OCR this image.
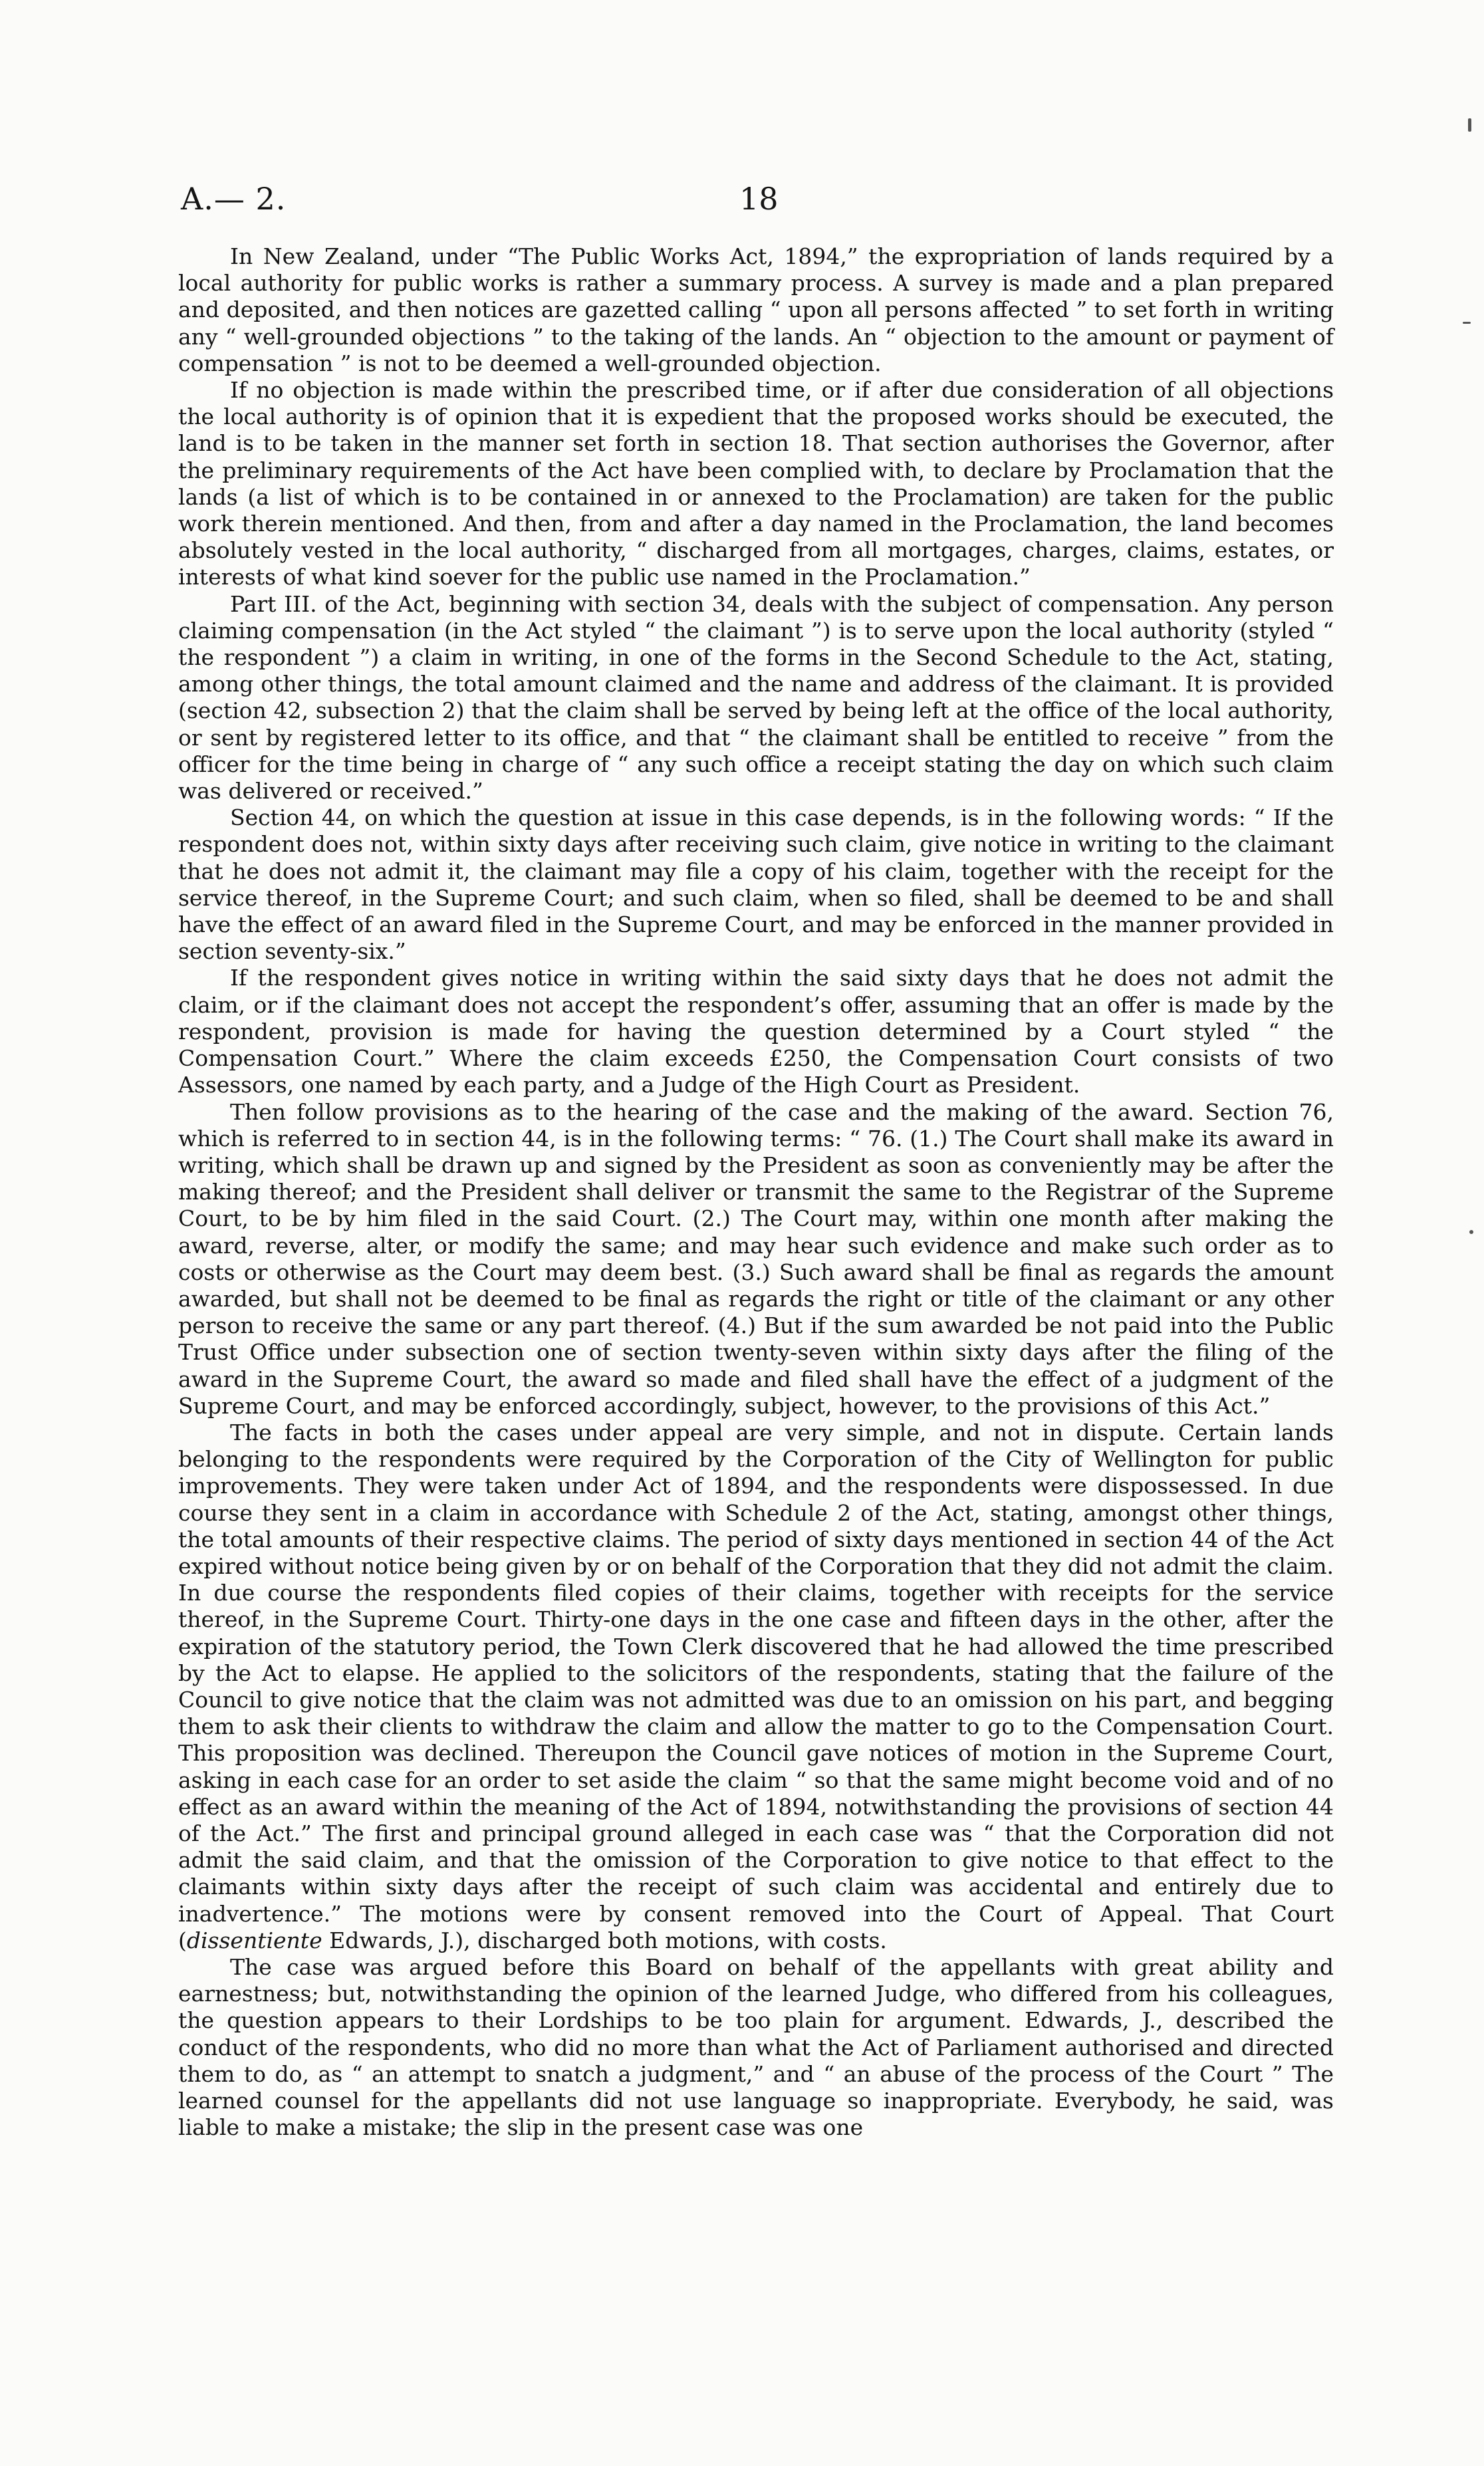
A.— 2.	18

In New Zealand, under “The Public Works Act, 1894,” the expropriation of lands required by a local authority for public works is rather a summary process. A survey is made and a plan prepared and deposited, and then notices are gazetted calling “ upon all persons affected ” to set forth in writing any “ well-grounded objections ” to the taking of the lands. An “ objection to the amount or payment of compensation ” is not to be deemed a well-grounded objection.

If no objection is made within the prescribed time, or if after due consideration of all objections the local authority is of opinion that it is expedient that the proposed works should be executed, the land is to be taken in the manner set forth in section 18. That section authorises the Governor, after the preliminary requirements of the Act have been complied with, to declare by Proclamation that the lands (a list of which is to be contained in or annexed to the Proclamation) are taken for the public work therein mentioned. And then, from and after a day named in the Proclamation, the land becomes absolutely vested in the local authority, “ discharged from all mortgages, charges, claims, estates, or interests of what kind soever for the public use named in the Proclamation.”

Part III. of the Act, beginning with section 34, deals with the subject of compensation. Any person claiming compensation (in the Act styled “ the claimant ”) is to serve upon the local authority (styled “ the respondent ”) a claim in writing, in one of the forms in the Second Schedule to the Act, stating, among other things, the total amount claimed and the name and address of the claimant. It is provided (section 42, subsection 2) that the claim shall be served by being left at the office of the local authority, or sent by registered letter to its office, and that “ the claimant shall be entitled to receive ” from the officer for the time being in charge of “ any such office a receipt stating the day on which such claim was delivered or received.”

Section 44, on which the question at issue in this case depends, is in the following words: “ If the respondent does not, within sixty days after receiving such claim, give notice in writing to the claimant that he does not admit it, the claimant may file a copy of his claim, together with the receipt for the service thereof, in the Supreme Court; and such claim, when so filed, shall be deemed to be and shall have the effect of an award filed in the Supreme Court, and may be enforced in the manner provided in section seventy-six.”

If the respondent gives notice in writing within the said sixty days that he does not admit the claim, or if the claimant does not accept the respondent’s offer, assuming that an offer is made by the respondent, provision is made for having the question determined by a Court styled “ the Compensation Court.” Where the claim exceeds £250, the Compensation Court consists of two Assessors, one named by each party, and a Judge of the High Court as President.

Then follow provisions as to the hearing of the case and the making of the award. Section 76, which is referred to in section 44, is in the following terms: “ 76. (1.) The Court shall make its award in writing, which shall be drawn up and signed by the President as soon as conveniently may be after the making thereof; and the President shall deliver or transmit the same to the Registrar of the Supreme Court, to be by him filed in the said Court. (2.) The Court may, within one month after making the award, reverse, alter, or modify the same; and may hear such evidence and make such order as to costs or otherwise as the Court may deem best. (3.) Such award shall be final as regards the amount awarded, but shall not be deemed to be final as regards the right or title of the claimant or any other person to receive the same or any part thereof. (4.) But if the sum awarded be not paid into the Public Trust Office under subsection one of section twenty-seven within sixty days after the filing of the award in the Supreme Court, the award so made and filed shall have the effect of a judgment of the Supreme Court, and may be enforced accordingly, subject, however, to the provisions of this Act.”

The facts in both the cases under appeal are very simple, and not in dispute. Certain lands belonging to the respondents were required by the Corporation of the City of Wellington for public improvements. They were taken under Act of 1894, and the respondents were dispossessed. In due course they sent in a claim in accordance with Schedule 2 of the Act, stating, amongst other things, the total amounts of their respective claims. The period of sixty days mentioned in section 44 of the Act expired without notice being given by or on behalf of the Corporation that they did not admit the claim. In due course the respondents filed copies of their claims, together with receipts for the service thereof, in the Supreme Court. Thirty-one days in the one case and fifteen days in the other, after the expiration of the statutory period, the Town Clerk discovered that he had allowed the time prescribed by the Act to elapse. He applied to the solicitors of the respondents, stating that the failure of the Council to give notice that the claim was not admitted was due to an omission on his part, and begging them to ask their clients to withdraw the claim and allow the matter to go to the Compensation Court. This proposition was declined. Thereupon the Council gave notices of motion in the Supreme Court, asking in each case for an order to set aside the claim “ so that the same might become void and of no effect as an award within the meaning of the Act of 1894, notwithstanding the provisions of section 44 of the Act.” The first and principal ground alleged in each case was “ that the Corporation did not admit the said claim, and that the omission of the Corporation to give notice to that effect to the claimants within sixty days after the receipt of such claim was accidental and entirely due to inadvertence.” The motions were by consent removed into the Court of Appeal. That Court (dissentiente Edwards, J.), discharged both motions, with costs.

The case was argued before this Board on behalf of the appellants with great ability and earnestness; but, notwithstanding the opinion of the learned Judge, who differed from his colleagues, the question appears to their Lordships to be too plain for argument. Edwards, J., described the conduct of the respondents, who did no more than what the Act of Parliament authorised and directed them to do, as “ an attempt to snatch a judgment,” and “ an abuse of the process of the Court ” The learned counsel for the appellants did not use language so inappropriate. Everybody, he said, was liable to make a mistake; the slip in the present case was one
